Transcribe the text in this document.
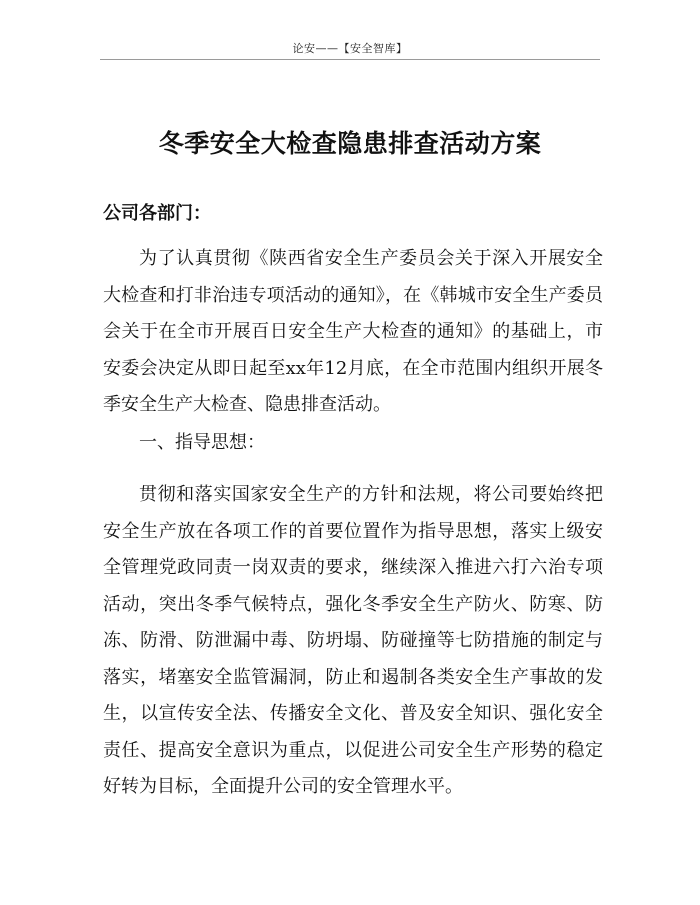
论安——【安全智库】
冬季安全大检查隐患排查活动方案
公司各部门：

为了认真贯彻《陕西省安全生产委员会关于深入开展安全大检查和打非治违专项活动的通知》，在《韩城市安全生产委员会关于在全市开展百日安全生产大检查的通知》的基础上，市安委会决定从即日起至xx年12月底，在全市范围内组织开展冬季安全生产大检查、隐患排查活动。

一、指导思想：

贯彻和落实国家安全生产的方针和法规，将公司要始终把安全生产放在各项工作的首要位置作为指导思想，落实上级安全管理党政同责一岗双责的要求，继续深入推进六打六治专项活动，突出冬季气候特点，强化冬季安全生产防火、防寒、防冻、防滑、防泄漏中毒、防坍塌、防碰撞等七防措施的制定与落实，堵塞安全监管漏洞，防止和遏制各类安全生产事故的发生，以宣传安全法、传播安全文化、普及安全知识、强化安全责任、提高安全意识为重点，以促进公司安全生产形势的稳定好转为目标，全面提升公司的安全管理水平。
